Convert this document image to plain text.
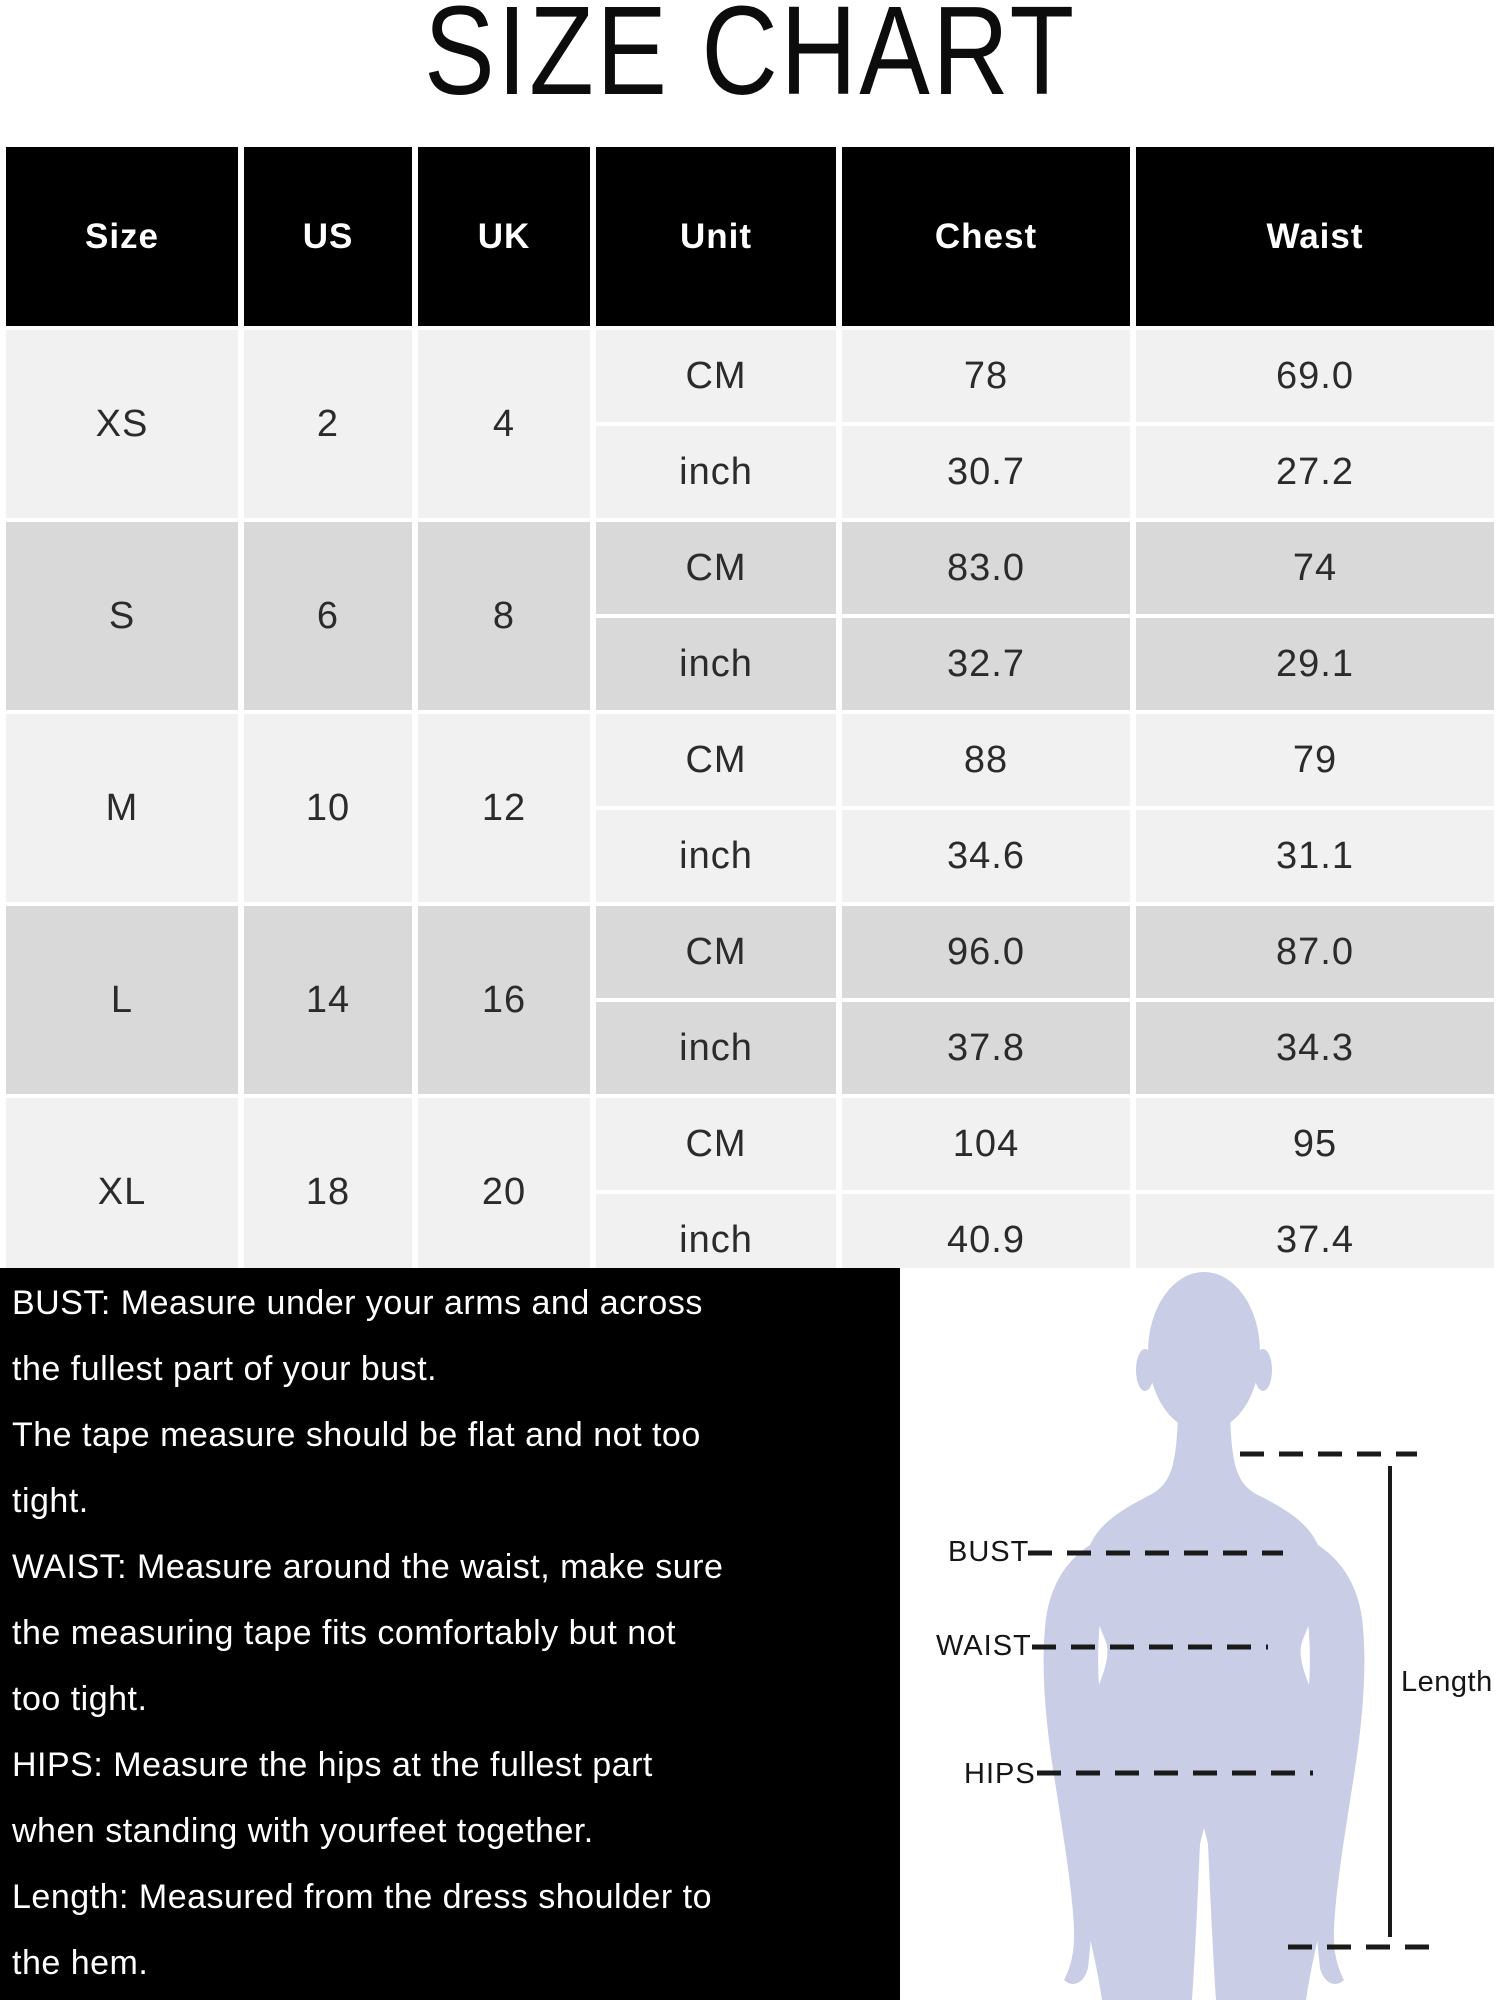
SIZE CHART
Size	US	UK	Unit	Chest	Waist
XS	2	4	CM	78	69.0
			inch	30.7	27.2
S	6	8	CM	83.0	74
			inch	32.7	29.1
M	10	12	CM	88	79
			inch	34.6	31.1
L	14	16	CM	96.0	87.0
			inch	37.8	34.3
XL	18	20	CM	104	95
			inch	40.9	37.4
BUST: Measure under your arms and across
the fullest part of your bust.
The tape measure should be flat and not too
tight.
WAIST: Measure around the waist, make sure
the measuring tape fits comfortably but not
too tight.
HIPS: Measure the hips at the fullest part
when standing with yourfeet together.
Length: Measured from the dress shoulder to
the hem.
BUST
WAIST
HIPS
Length
